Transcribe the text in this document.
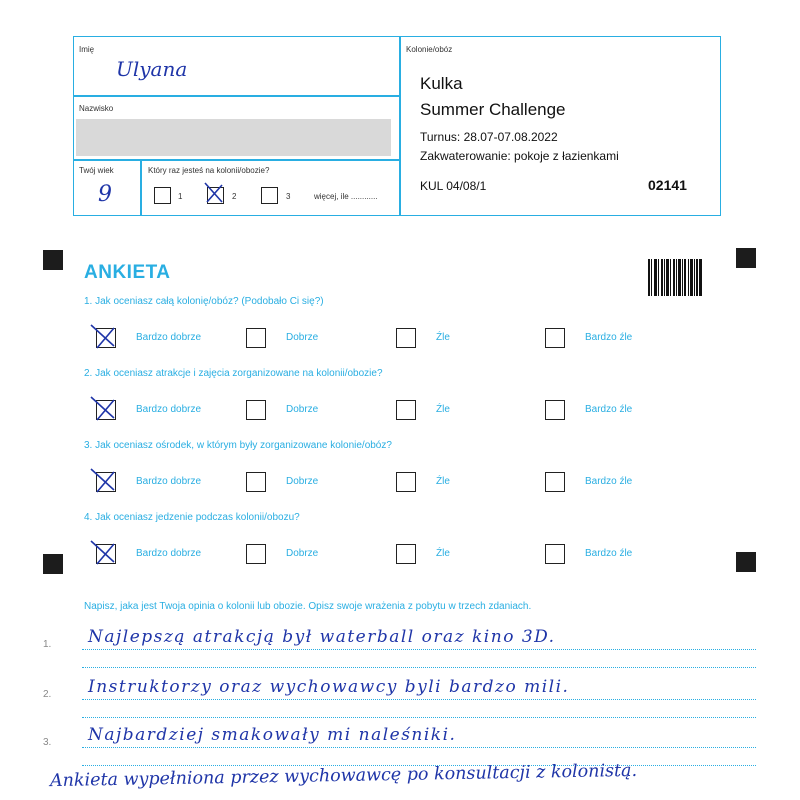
Imię
Ulyana
Nazwisko
Twój wiek
9
Który raz jesteś na kolonii/obozie?
1	2	3	więcej, ile ............
Kolonie/obóz
Kulka
Summer Challenge
Turnus: 28.07-07.08.2022
Zakwaterowanie: pokoje z łazienkami
KUL 04/08/1	02141
ANKIETA
1. Jak oceniasz całą kolonię/obóz? (Podobało Ci się?)
Bardzo dobrze	Dobrze	Źle	Bardzo źle
2. Jak oceniasz atrakcje i zajęcia zorganizowane na kolonii/obozie?
Bardzo dobrze	Dobrze	Źle	Bardzo źle
3. Jak oceniasz ośrodek, w którym były zorganizowane kolonie/obóz?
Bardzo dobrze	Dobrze	Źle	Bardzo źle
4. Jak oceniasz jedzenie podczas kolonii/obozu?
Bardzo dobrze	Dobrze	Źle	Bardzo źle
Napisz, jaka jest Twoja opinia o kolonii lub obozie. Opisz swoje wrażenia z pobytu w trzech zdaniach.
1. Najlepszą atrakcją był waterball oraz kino 3D.
2. Instruktorzy oraz wychowawcy byli bardzo mili.
3. Najbardziej smakowały mi naleśniki.
Ankieta wypełniona przez wychowawcę po konsultacji z kolonistą.
